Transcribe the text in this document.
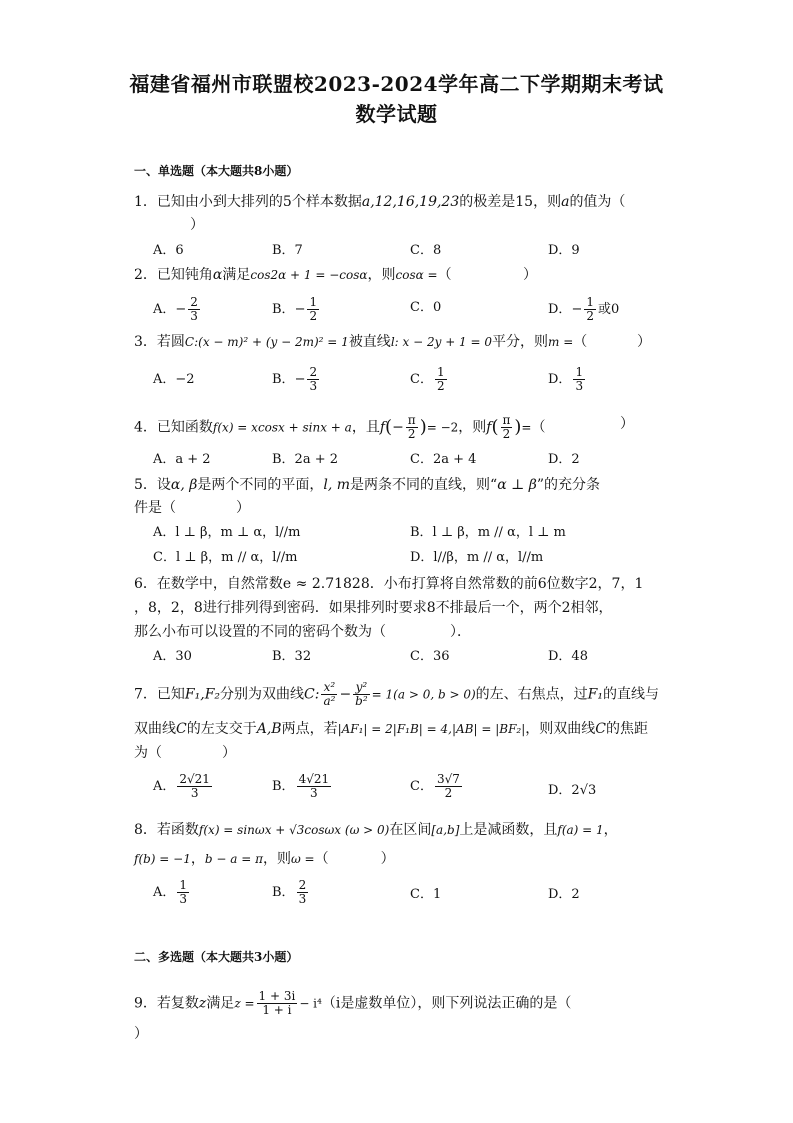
福建省福州市联盟校2023-2024学年高二下学期期末考试
数学试题
一、单选题（本大题共8小题）
1．已知由小到大排列的5个样本数据a,12,16,19,23的极差是15，则a的值为（
）
A．6	B．7	C．8	D．9
2．已知钝角α满足cos2α + 1 = −cosα，则cosα =（	）
A．− $\frac{2}{3}$	B．− $\frac{1}{2}$	C．0	D．− $\frac{1}{2}$ 或0
3．若圆C:(x − m)² + (y − 2m)² = 1被直线l: x − 2y + 1 = 0平分，则m =（	）
A．−2	B．− $\frac{2}{3}$	C． $\frac{1}{2}$	D． $\frac{1}{3}$
4．已知函数f(x) = xcosx + sinx + a，且$f(- \frac{\pi}{2}$ )= −2，则$f( \frac{\pi}{2}$ )=（	）
A．a + 2	B．2a + 2	C．2a + 4	D．2
5．设α, β是两个不同的平面，l, m是两条不同的直线，则“α ⊥ β”的充分条
件是（	）
A．l ⊥ β，m ⊥ α，l//m	B．l ⊥ β，m // α，l ⊥ m
C．l ⊥ β，m // α，l//m	D．l//β，m // α，l//m
6．在数学中，自然常数e ≈ 2.71828．小布打算将自然常数的前6位数字2，7，1
，8，2，8进行排列得到密码．如果排列时要求8不排最后一个，两个2相邻，
那么小布可以设置的不同的密码个数为（	）．
A．30	B．32	C．36	D．48
7．已知F₁,F₂分别为双曲线C: $\frac{\text{x²}}{\text{a²}} - \frac{\text{y²}}{\text{b²}} = 1(a > 0$, b > 0)的左、右焦点，过F₁的直线与
双曲线C的左支交于A,B两点，若|AF₁| = 2|F₁B| = 4,|AB| = |BF₂|，则双曲线C的焦距
为（	）
A． $\frac{2√21}{3}$	B． $\frac{4√21}{3}$	C． $\frac{3√7}{2}$	D．2√3
8．若函数f(x) = sinωx + √3cosωx (ω > 0)在区间[a,b]上是减函数，且f(a) = 1，
f(b) = −1，b − a = π，则ω =（	）
A． $\frac{1}{3}$	B． $\frac{2}{3}$	C．1	D．2
二、多选题（本大题共3小题）
9．若复数z满足$z = \frac{1 + 3i}{1 + i} - i^4(i$是虚数单位），则下列说法正确的是（
）
